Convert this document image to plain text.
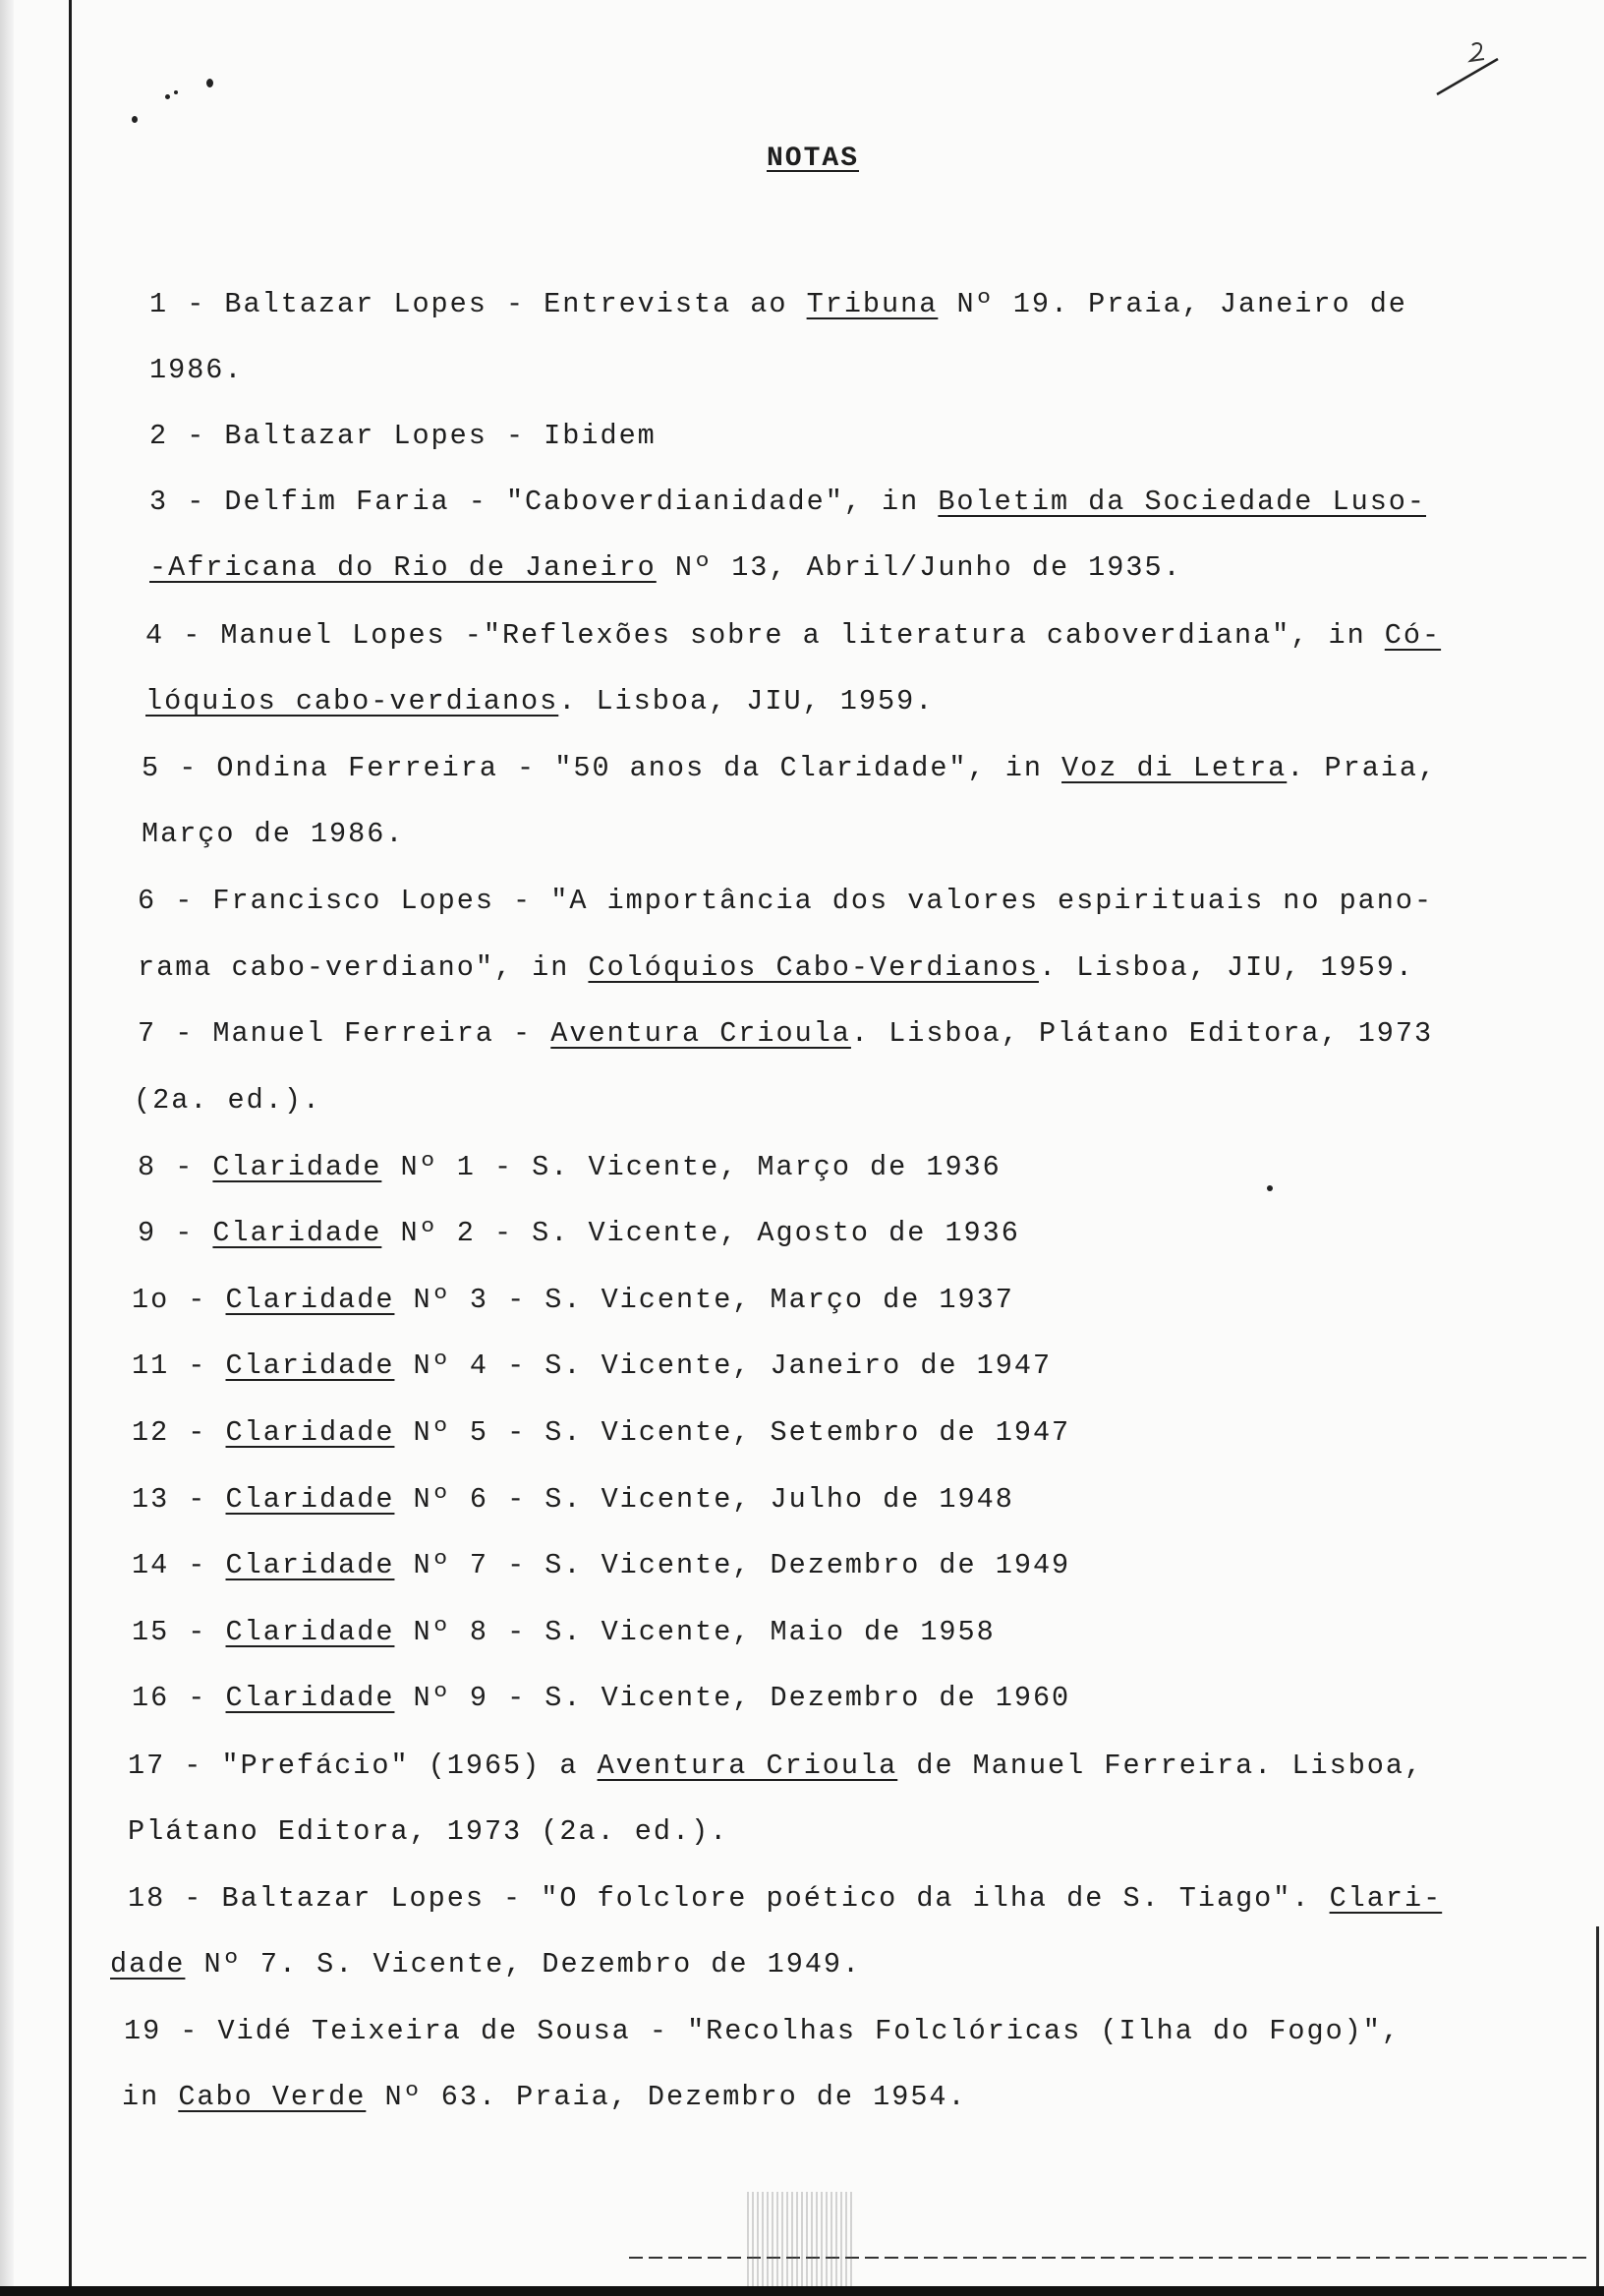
NOTAS
1 - Baltazar Lopes - Entrevista ao Tribuna Nº 19. Praia, Janeiro de
1986.
2 - Baltazar Lopes - Ibidem
3 - Delfim Faria - "Caboverdianidade", in Boletim da Sociedade Luso-
-Africana do Rio de Janeiro Nº 13, Abril/Junho de 1935.
4 - Manuel Lopes -"Reflexões sobre a literatura caboverdiana", in Có-
lóquios cabo-verdianos. Lisboa, JIU, 1959.
5 - Ondina Ferreira - "50 anos da Claridade", in Voz di Letra. Praia,
Março de 1986.
6 - Francisco Lopes - "A importância dos valores espirituais no pano-
rama cabo-verdiano", in Colóquios Cabo-Verdianos. Lisboa, JIU, 1959.
7 - Manuel Ferreira - Aventura Crioula. Lisboa, Plátano Editora, 1973
(2a. ed.).
8 - Claridade Nº 1 - S. Vicente, Março de 1936
9 - Claridade Nº 2 - S. Vicente, Agosto de 1936
1o - Claridade Nº 3 - S. Vicente, Março de 1937
11 - Claridade Nº 4 - S. Vicente, Janeiro de 1947
12 - Claridade Nº 5 - S. Vicente, Setembro de 1947
13 - Claridade Nº 6 - S. Vicente, Julho de 1948
14 - Claridade Nº 7 - S. Vicente, Dezembro de 1949
15 - Claridade Nº 8 - S. Vicente, Maio de 1958
16 - Claridade Nº 9 - S. Vicente, Dezembro de 1960
17 - "Prefácio" (1965) a Aventura Crioula de Manuel Ferreira. Lisboa,
Plátano Editora, 1973 (2a. ed.).
18 - Baltazar Lopes - "O folclore poético da ilha de S. Tiago". Clari-
dade Nº 7. S. Vicente, Dezembro de 1949.
19 - Vidé Teixeira de Sousa - "Recolhas Folclóricas (Ilha do Fogo)",
in Cabo Verde Nº 63. Praia, Dezembro de 1954.
